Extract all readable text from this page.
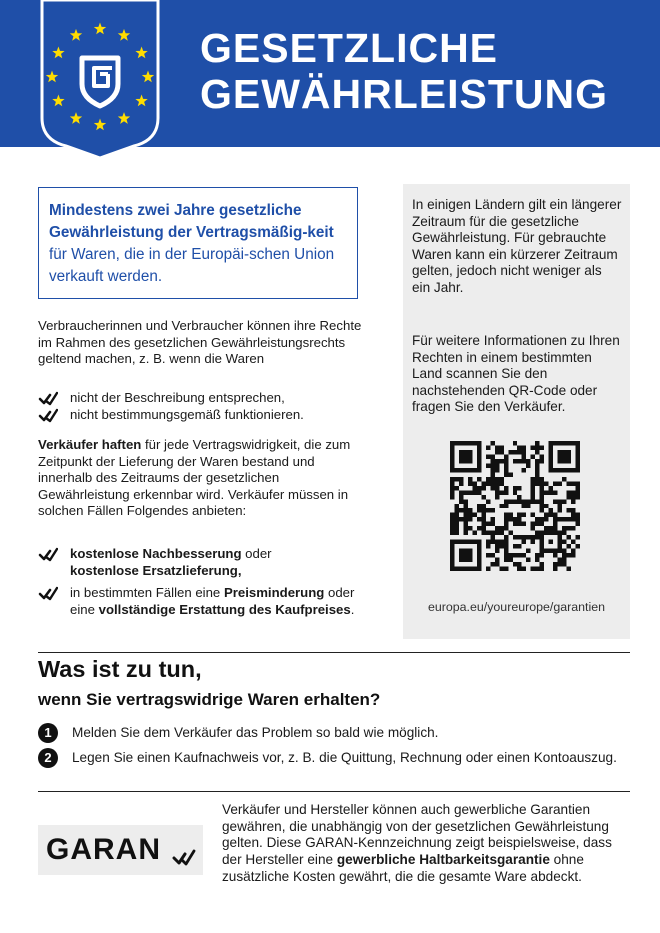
GESETZLICHE
GEWÄHRLEISTUNG
Mindestens zwei Jahre gesetzliche Gewährleistung der Vertragsmäßig-keit für Waren, die in der Europäi-schen Union verkauft werden.
Verbraucherinnen und Verbraucher können ihre Rechte im Rahmen des gesetzlichen Gewährleistungsrechts geltend machen, z. B. wenn die Waren
nicht der Beschreibung entsprechen,
nicht bestimmungsgemäß funktionieren.
Verkäufer haften für jede Vertragswidrigkeit, die zum Zeitpunkt der Lieferung der Waren bestand und innerhalb des Zeitraums der gesetzlichen Gewährleistung erkennbar wird. Verkäufer müssen in solchen Fällen Folgendes anbieten:
kostenlose Nachbesserung oder
kostenlose Ersatzlieferung,
in bestimmten Fällen eine Preisminderung oder eine vollständige Erstattung des Kaufpreises.
In einigen Ländern gilt ein längerer Zeitraum für die gesetzliche Gewährleistung. Für gebrauchte Waren kann ein kürzerer Zeitraum gelten, jedoch nicht weniger als ein Jahr.
Für weitere Informationen zu Ihren Rechten in einem bestimmten Land scannen Sie den nachstehenden QR-Code oder fragen Sie den Verkäufer.
europa.eu/youreurope/garantien
Was ist zu tun,
wenn Sie vertragswidrige Waren erhalten?
1	Melden Sie dem Verkäufer das Problem so bald wie möglich.
2	Legen Sie einen Kaufnachweis vor, z. B. die Quittung, Rechnung oder einen Kontoauszug.
GARAN
Verkäufer und Hersteller können auch gewerbliche Garantien gewähren, die unabhängig von der gesetzlichen Gewährleistung gelten. Diese GARAN-Kennzeichnung zeigt beispielsweise, dass der Hersteller eine gewerbliche Haltbarkeitsgarantie ohne zusätzliche Kosten gewährt, die die gesamte Ware abdeckt.
